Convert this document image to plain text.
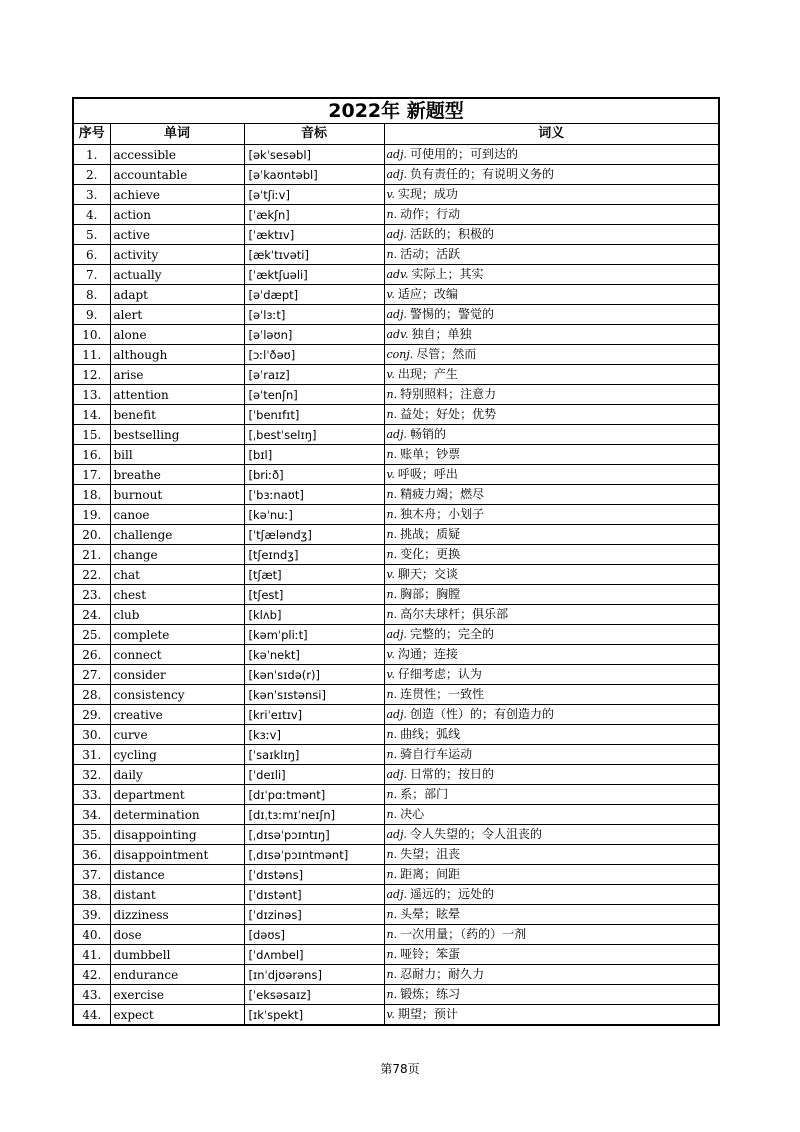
2022年 新题型			
序号	单词	音标	词义
1.	accessible	[əkˈsesəbl]	adj. 可使用的；可到达的
2.	accountable	[əˈkaʊntəbl]	adj. 负有责任的；有说明义务的
3.	achieve	[əˈtʃiːv]	v. 实现；成功
4.	action	[ˈækʃn]	n. 动作；行动
5.	active	[ˈæktɪv]	adj. 活跃的；积极的
6.	activity	[ækˈtɪvəti]	n. 活动；活跃
7.	actually	[ˈæktʃuəli]	adv. 实际上；其实
8.	adapt	[əˈdæpt]	v. 适应；改编
9.	alert	[əˈlɜːt]	adj. 警惕的；警觉的
10.	alone	[əˈləʊn]	adv. 独自；单独
11.	although	[ɔːlˈðəʊ]	conj. 尽管；然而
12.	arise	[əˈraɪz]	v. 出现；产生
13.	attention	[əˈtenʃn]	n. 特别照料；注意力
14.	benefit	[ˈbenɪfɪt]	n. 益处；好处；优势
15.	bestselling	[ˌbestˈselɪŋ]	adj. 畅销的
16.	bill	[bɪl]	n. 账单；钞票
17.	breathe	[briːð]	v. 呼吸；呼出
18.	burnout	[ˈbɜːnaʊt]	n. 精疲力竭；燃尽
19.	canoe	[kəˈnuː]	n. 独木舟；小划子
20.	challenge	[ˈtʃæləndʒ]	n. 挑战；质疑
21.	change	[tʃeɪndʒ]	n. 变化；更换
22.	chat	[tʃæt]	v. 聊天；交谈
23.	chest	[tʃest]	n. 胸部；胸膛
24.	club	[klʌb]	n. 高尔夫球杆；俱乐部
25.	complete	[kəmˈpliːt]	adj. 完整的；完全的
26.	connect	[kəˈnekt]	v. 沟通；连接
27.	consider	[kənˈsɪdə(r)]	v. 仔细考虑；认为
28.	consistency	[kənˈsɪstənsi]	n. 连贯性；一致性
29.	creative	[kriˈeɪtɪv]	adj. 创造（性）的；有创造力的
30.	curve	[kɜːv]	n. 曲线；弧线
31.	cycling	[ˈsaɪklɪŋ]	n. 骑自行车运动
32.	daily	[ˈdeɪli]	adj. 日常的；按日的
33.	department	[dɪˈpɑːtmənt]	n. 系；部门
34.	determination	[dɪˌtɜːmɪˈneɪʃn]	n. 决心
35.	disappointing	[ˌdɪsəˈpɔɪntɪŋ]	adj. 令人失望的；令人沮丧的
36.	disappointment	[ˌdɪsəˈpɔɪntmənt]	n. 失望；沮丧
37.	distance	[ˈdɪstəns]	n. 距离；间距
38.	distant	[ˈdɪstənt]	adj. 遥远的；远处的
39.	dizziness	[ˈdɪzinəs]	n. 头晕；眩晕
40.	dose	[dəʊs]	n. 一次用量；（药的）一剂
41.	dumbbell	[ˈdʌmbel]	n. 哑铃；笨蛋
42.	endurance	[ɪnˈdjʊərəns]	n. 忍耐力；耐久力
43.	exercise	[ˈeksəsaɪz]	n. 锻炼；练习
44.	expect	[ɪkˈspekt]	v. 期望；预计
第78页
